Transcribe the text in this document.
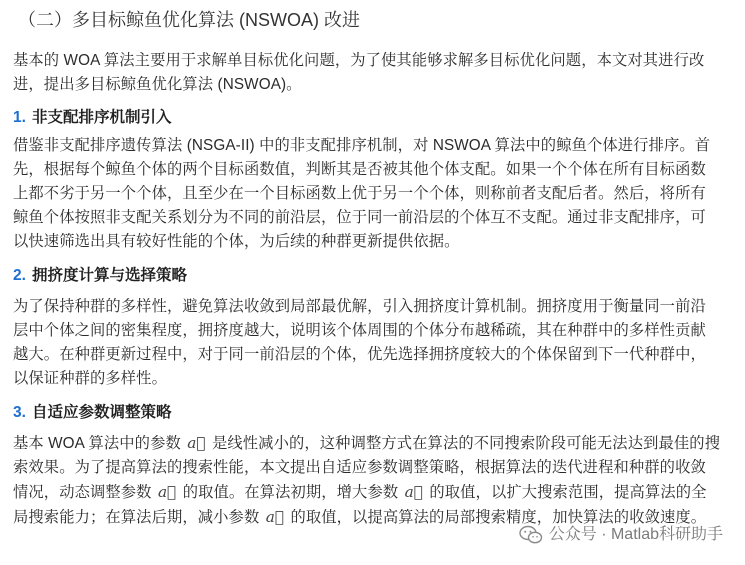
（二）多目标鲸鱼优化算法 (NSWOA) 改进

基本的 WOA 算法主要用于求解单目标优化问题，为了使其能够求解多目标优化问题，本文对其进行改进，提出多目标鲸鱼优化算法 (NSWOA)。

1. 非支配排序机制引入

借鉴非支配排序遗传算法 (NSGA-II) 中的非支配排序机制，对 NSWOA 算法中的鲸鱼个体进行排序。首先，根据每个鲸鱼个体的两个目标函数值，判断其是否被其他个体支配。如果一个个体在所有目标函数上都不劣于另一个个体，且至少在一个目标函数上优于另一个个体，则称前者支配后者。然后，将所有鲸鱼个体按照非支配关系划分为不同的前沿层，位于同一前沿层的个体互不支配。通过非支配排序，可以快速筛选出具有较好性能的个体，为后续的种群更新提供依据。

2. 拥挤度计算与选择策略

为了保持种群的多样性，避免算法收敛到局部最优解，引入拥挤度计算机制。拥挤度用于衡量同一前沿层中个体之间的密集程度，拥挤度越大，说明该个体周围的个体分布越稀疏，其在种群中的多样性贡献越大。在种群更新过程中，对于同一前沿层的个体，优先选择拥挤度较大的个体保留到下一代种群中，以保证种群的多样性。

3. 自适应参数调整策略

基本 WOA 算法中的参数 a⃗ 是线性减小的，这种调整方式在算法的不同搜索阶段可能无法达到最佳的搜索效果。为了提高算法的搜索性能，本文提出自适应参数调整策略，根据算法的迭代进程和种群的收敛情况，动态调整参数 a⃗ 的取值。在算法初期，增大参数 a⃗ 的取值，以扩大搜索范围，提高算法的全局搜索能力；在算法后期，减小参数 a⃗ 的取值，以提高算法的局部搜索精度，加快算法的收敛速度。

公众号 · Matlab科研助手
